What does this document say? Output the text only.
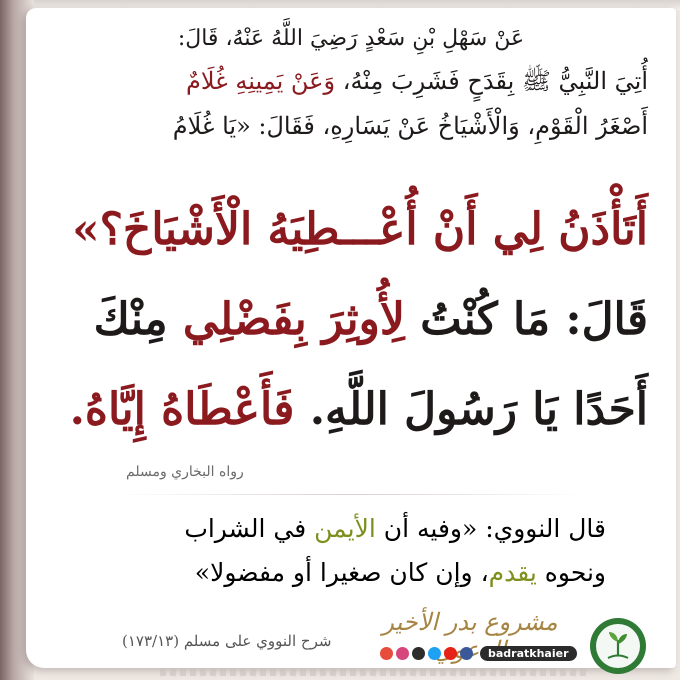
عَنْ سَهْلِ بْنِ سَعْدٍ رَضِيَ اللَّهُ عَنْهُ، قَالَ:
أُتِيَ النَّبِيُّ ﷺ بِقَدَحٍ فَشَرِبَ مِنْهُ، وَعَنْ يَمِينِهِ غُلَامٌ
أَصْغَرُ الْقَوْمِ، وَالْأَشْيَاخُ عَنْ يَسَارِهِ، فَقَالَ: «يَا غُلَامُ
أَتَأْذَنُ لِي أَنْ أُعْـــطِيَهُ الْأَشْيَاخَ؟»
قَالَ: مَا كُنْتُ لِأُوثِرَ بِفَضْلِي مِنْكَ
أَحَدًا يَا رَسُولَ اللَّهِ. فَأَعْطَاهُ إِيَّاهُ.
رواه البخاري ومسلم
قال النووي: «وفيه أن الأيمن في الشراب
ونحوه يقدم، وإن كان صغيرا أو مفضولا»
شرح النووي على مسلم (١٧٣/١٣)
مشروع بدر الأخير
badratkhaier
